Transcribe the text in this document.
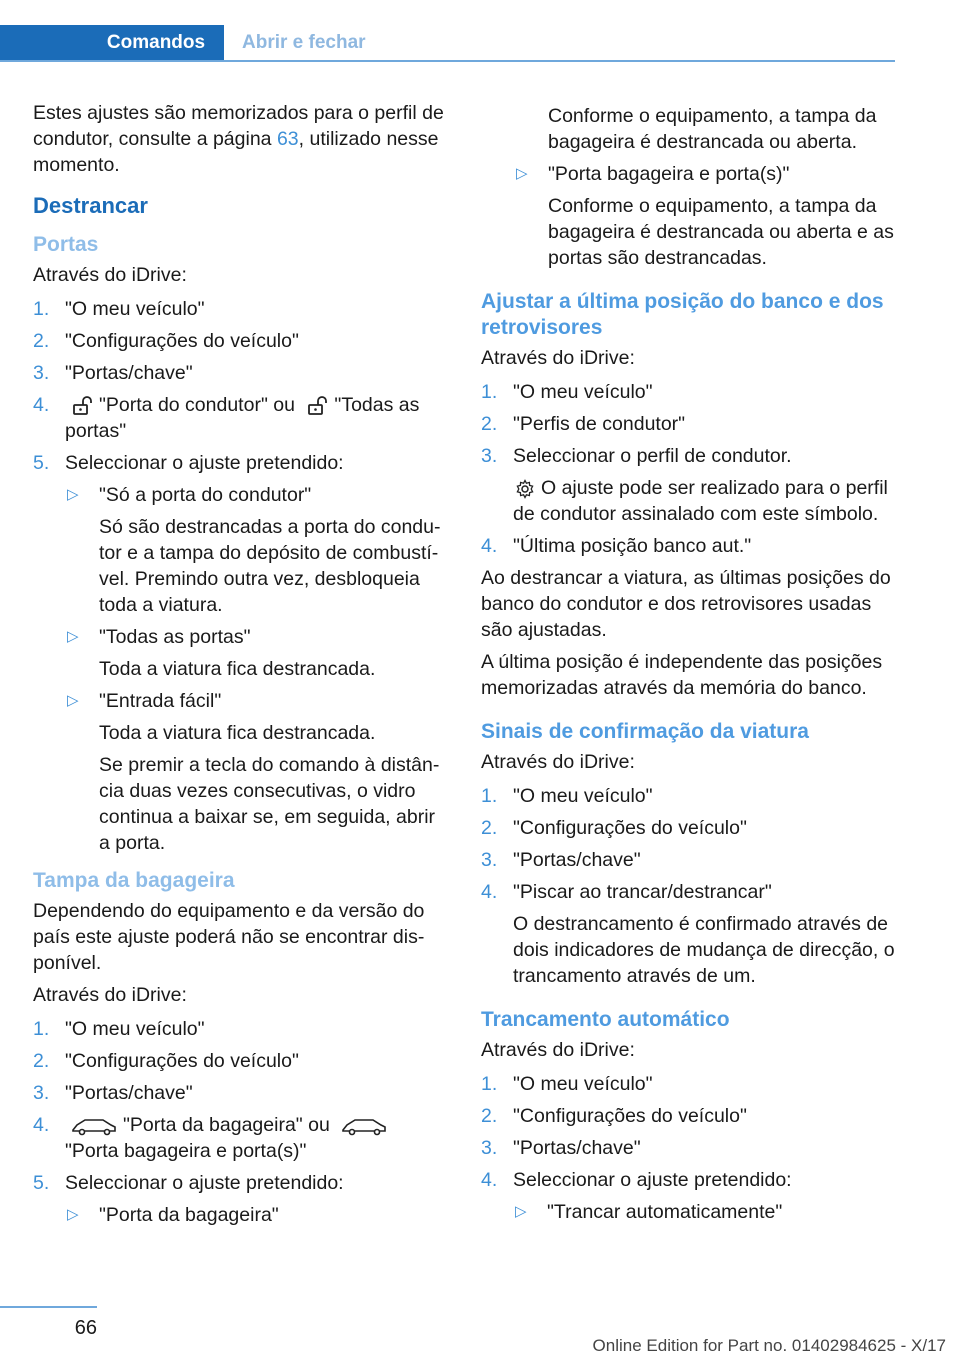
Comandos	Abrir e fechar

Estes ajustes são memorizados para o perfil de condutor, consulte a página 63, utilizado nesse momento.

Destrancar
Portas

Através do iDrive:

1. "O meu veículo"
2. "Configurações do veículo"
3. "Portas/chave"
4.	"Porta do condutor" ou "Todas as portas"
5. Seleccionar o ajuste pretendido:
▷ "Só a porta do condutor"
Só são destrancadas a porta do condutor e a tampa do depósito de combustível. Premindo outra vez, desbloqueia toda a viatura.
▷ "Todas as portas"
Toda a viatura fica destrancada.
▷ "Entrada fácil"
Toda a viatura fica destrancada.
Se premir a tecla do comando à distância duas vezes consecutivas, o vidro continua a baixar se, em seguida, abrir a porta.
Tampa da bagageira

Dependendo do equipamento e da versão do país este ajuste poderá não se encontrar disponível.

Através do iDrive:

1. "O meu veículo"
2. "Configurações do veículo"
3. "Portas/chave"
4.	"Porta da bagageira" ou
"Porta bagageira e porta(s)"
5. Seleccionar o ajuste pretendido:
▷ "Porta da bagageira"
Conforme o equipamento, a tampa da bagageira é destrancada ou aberta.
▷ "Porta bagageira e porta(s)"
Conforme o equipamento, a tampa da bagageira é destrancada ou aberta e as portas são destrancadas.
Ajustar a última posição do banco e dos retrovisores

Através do iDrive:

1. "O meu veículo"
2. "Perfis de condutor"
3. Seleccionar o perfil de condutor.
O ajuste pode ser realizado para o perfil de condutor assinalado com este símbolo.
4. "Última posição banco aut."

Ao destrancar a viatura, as últimas posições do banco do condutor e dos retrovisores usadas são ajustadas.

A última posição é independente das posições memorizadas através da memória do banco.

Sinais de confirmação da viatura

Através do iDrive:

1. "O meu veículo"
2. "Configurações do veículo"
3. "Portas/chave"
4. "Piscar ao trancar/destrancar"
O destrancamento é confirmado através de dois indicadores de mudança de direcção, o trancamento através de um.
Trancamento automático

Através do iDrive:

1. "O meu veículo"
2. "Configurações do veículo"
3. "Portas/chave"
4. Seleccionar o ajuste pretendido:
▷ "Trancar automaticamente"
66
Online Edition for Part no. 01402984625 - X/17
